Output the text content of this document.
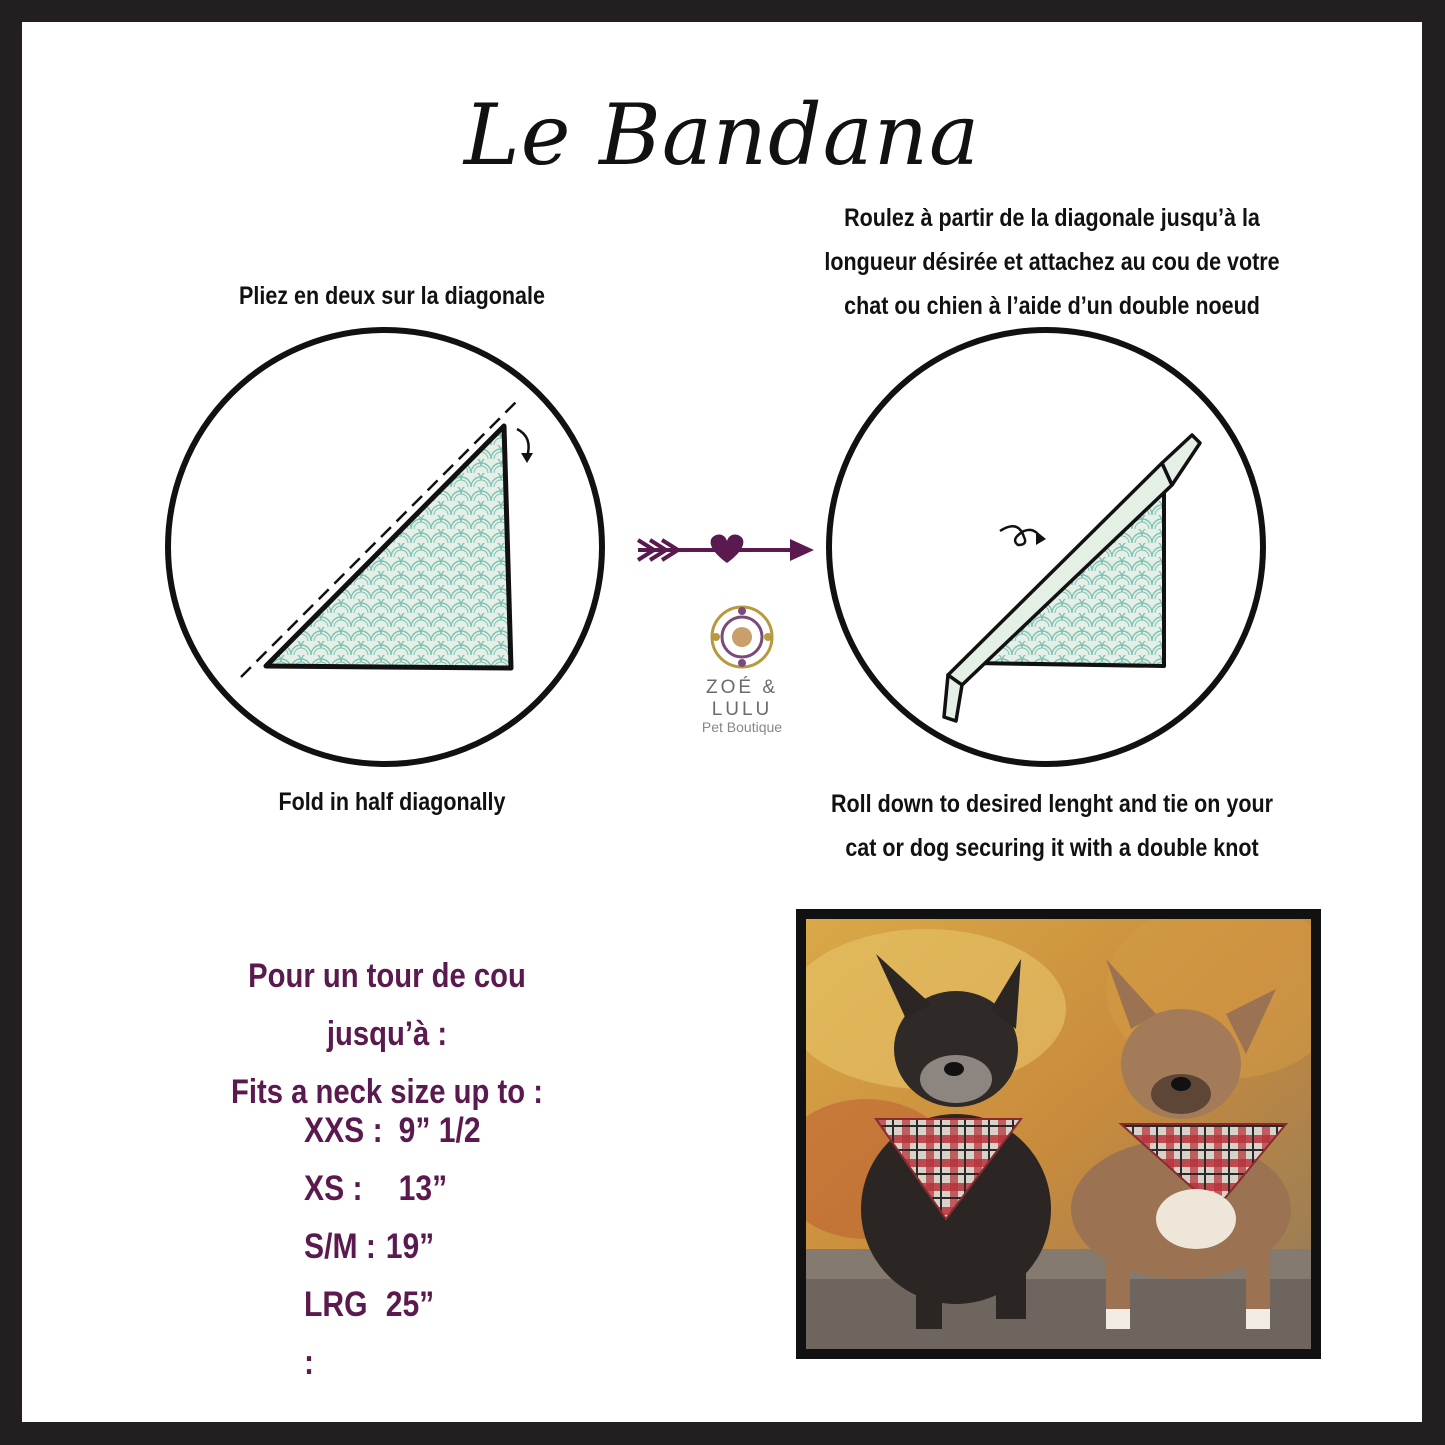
Le Bandana
Pliez en deux sur la diagonale
Fold in half diagonally
ZOÉ & LULU
Pet Boutique
Roulez à partir de la diagonale jusqu’à la
longueur désirée et attachez au cou de votre
chat ou chien à l’aide d’un double noeud
Roll down to desired lenght and tie on your
cat or dog securing it with a double knot
Pour un tour de cou jusqu’à :
Fits a neck size up to :
XXS : 9” 1/2
XS :	13”
S/M : 19”
LRG :
25”
